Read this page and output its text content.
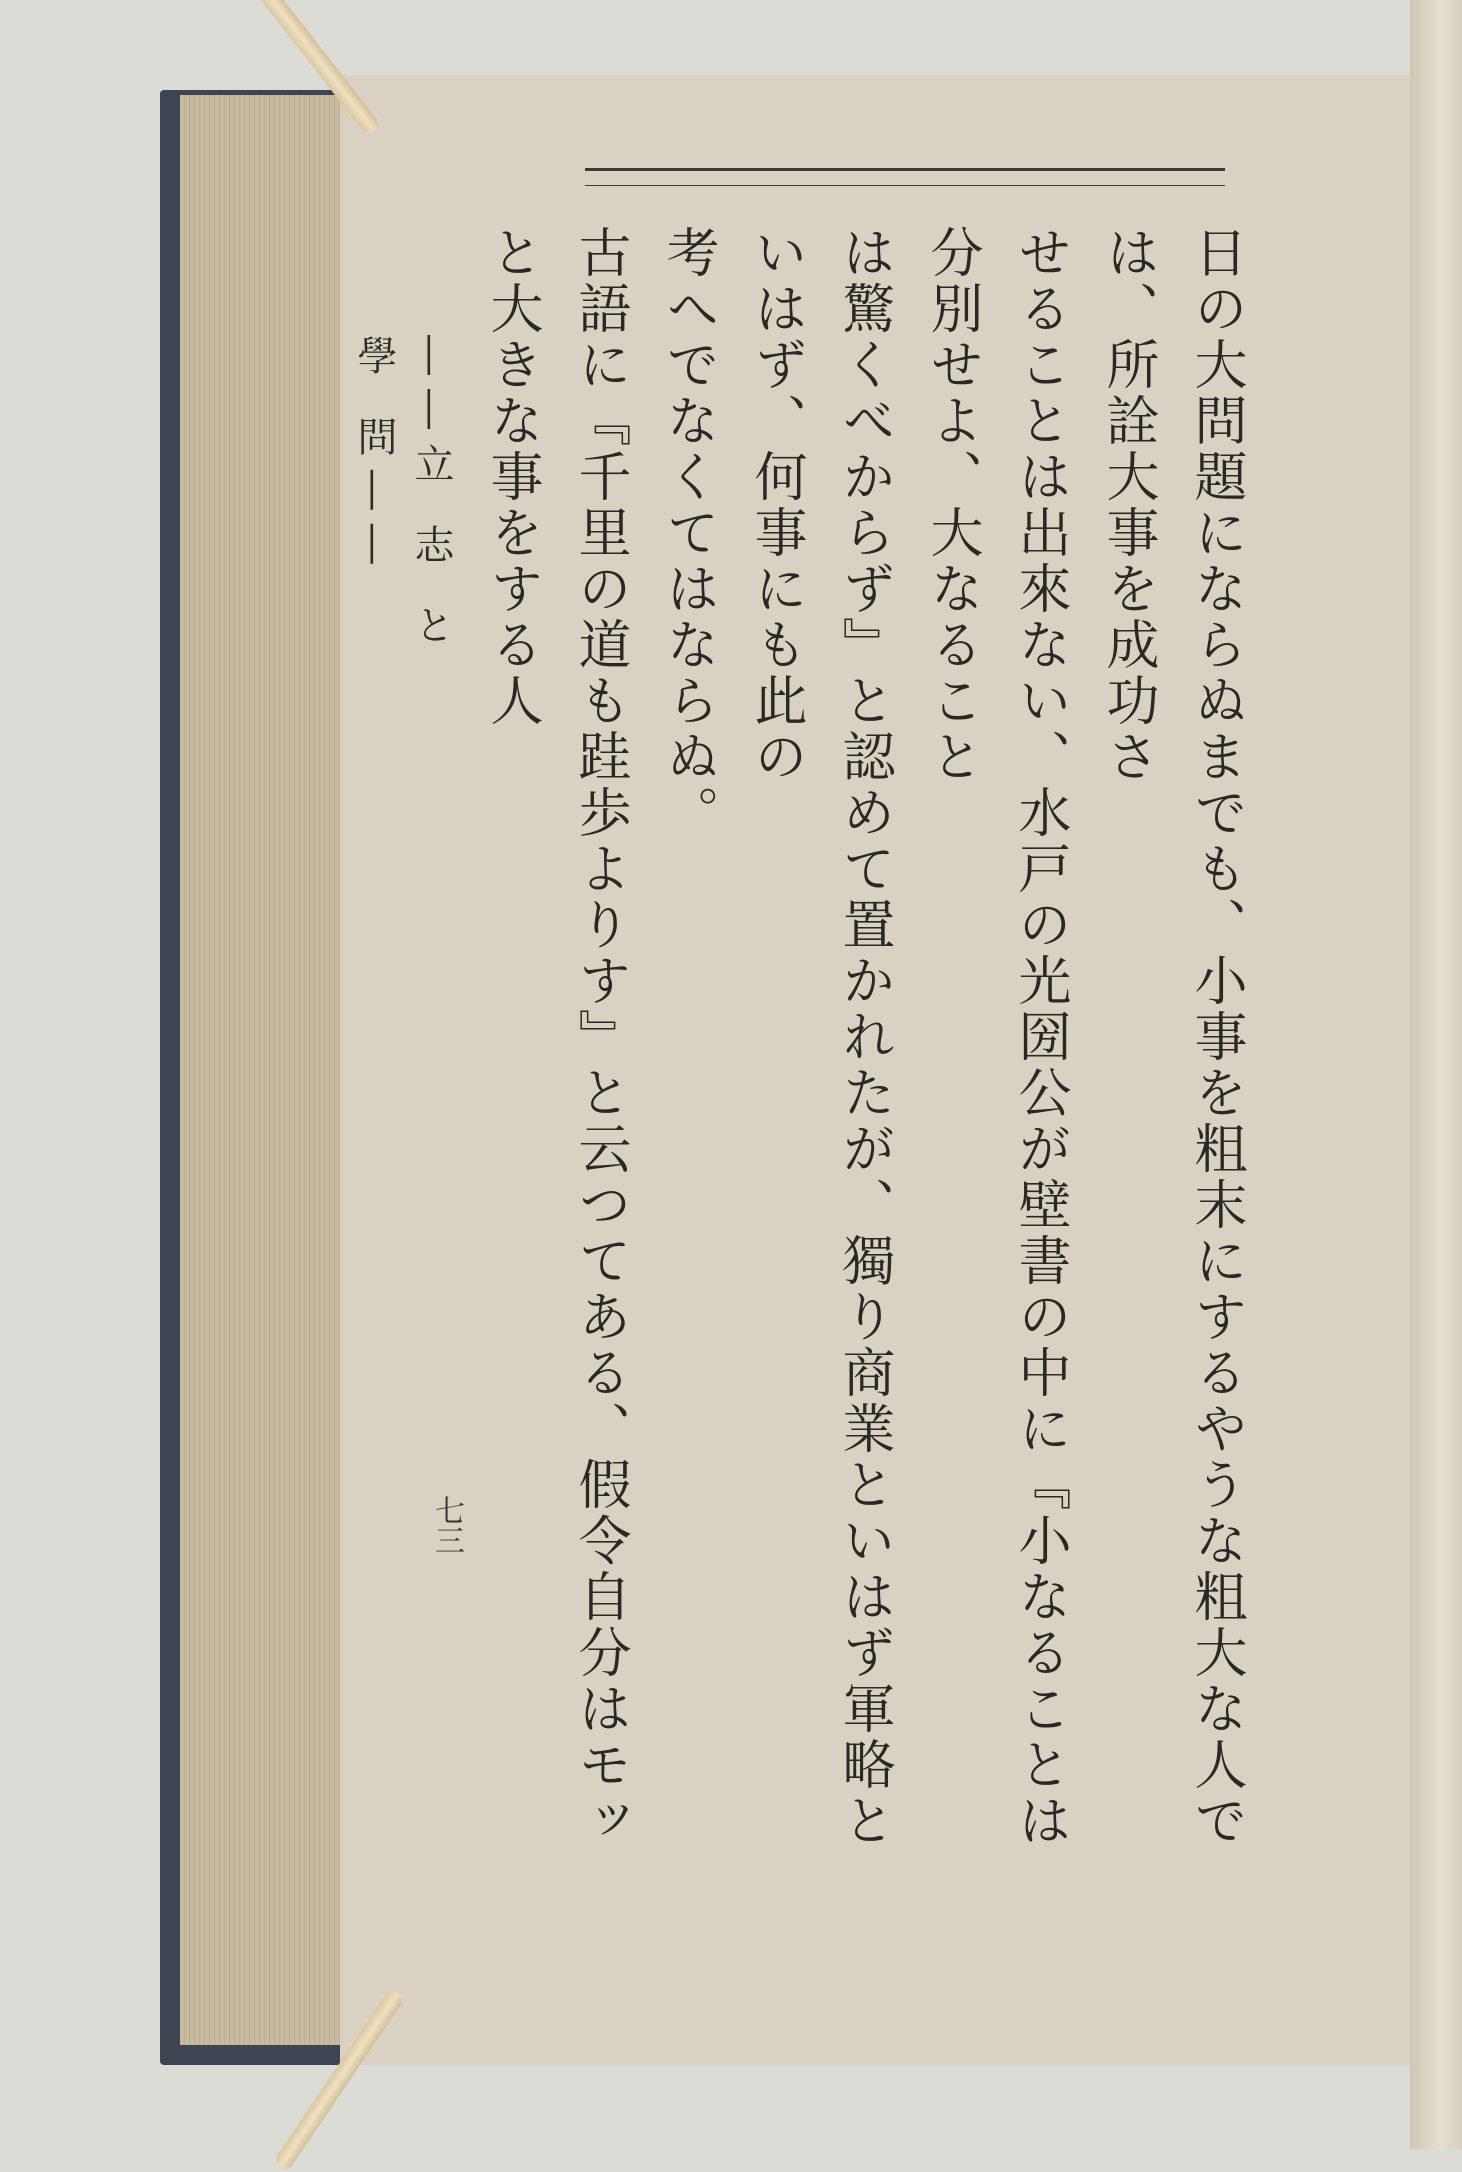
日の大問題にならぬまでも、小事を粗末にするやうな粗大な人では、所詮大事を成功さ

せることは出來ない、水戸の光圀公が壁書の中に『小なることは分別せよ、大なること

は驚くべからず』と認めて置かれたが、獨り商業といはず軍略といはず、何事にも此の

考へでなくてはならぬ。

古語に『千里の道も跬歩よりす』と云つてある、假令自分はモッと大きな事をする人

――立 志 と 學 問――
七三
